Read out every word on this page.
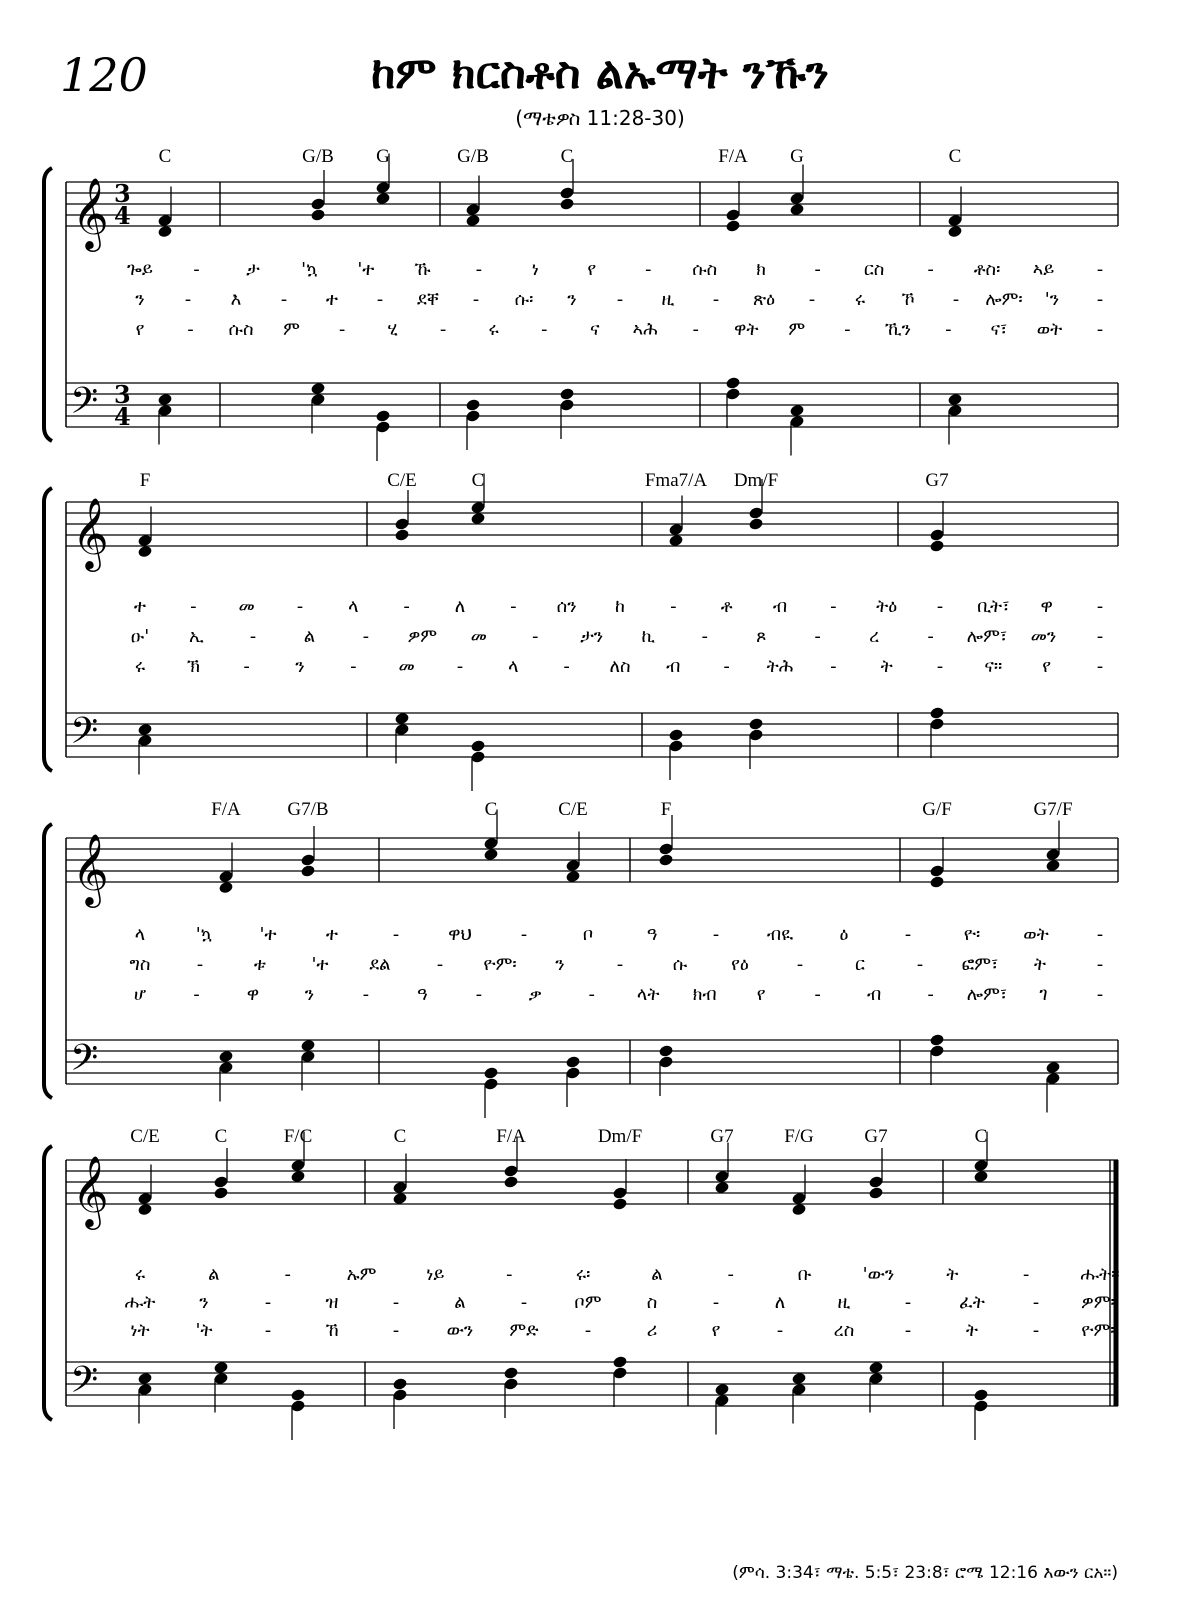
120	ከም ክርስቶስ ልኡማት ንኹን
(ማቴዎስ 11:28-30)
3
4
3
4
C	G/B G	G/B	C	F/A G	C
ጐይ -	ታ 'ኳ 'ተ ኹ	-	ነ	የ	- ሱስ ክ	- ርስ - ቶስ፡ ኣይ -
ን - እ - ተ - ደቐ - ሱ፡ ን - ዚ - ጽዕ - ሩ ኾ - ሎም፡ 'ን -
የ - ሱስ ም - ሂ - ሩ - ና ኣሕ - ዋት ም - ኺን - ና፣ ወት -
𝄞
𝄢
F	C/E	C	Fma7/A Dm/F	G7
ተ - መ - ላ - ለ - ሰን ከ	- ቶ ብ - ትዕ - ቢት፣ ዋ -
ዑ' ኢ	-	ል	- ዎም መ	- ታን ኪ	-	ጾ	-	ረ	- ሎም፣ መን -
ሩ ኽ -	ን	- መ - ላ - ለስ ብ - ትሕ - ት - ና። የ	-
𝄞
𝄢
F/A G7/B	C	C/E	F	G/F	G7/F
ላ	'ኳ	'ተ	ተ	-	ዋህ	-	ቦ	ዓ	-	ብዪ	ዕ	-	ዮ፡ ወት	-
ግስ	-	ቱ	'ተ ደል	- ዮም፡ ን	-	ሱ የዕ	-	ር	- ፎም፣ ት	-
ሆ	-	ዋ	ን	-	ዓ	-	ቃ	- ላት ክብ የ	-	ብ	- ሎም፣ ገ	-
𝄞
𝄢
C/E	C	F/C	C	F/A	Dm/F	G7	F/G	G7	C
ሩ	ል	-	ኡም	ነይ	-	ሩ፡	ል	-	ቡ	'ውን	ት	-	ሑት።
ሑት ን	-	ዝ	-	ል	-	ቦም	ስ	-	ለ	ዚ	-	ፈት	- ዎም።
ነት	'ት	-	ኸ	-	ውን ምድ	-	ሪ	የ	-	ረስ	-	ት	- ዮም።
𝄞
𝄢
(ምሳ. 3:34፣ ማቴ. 5:5፣ 23:8፣ ሮሜ 12:16 እውን ርአ።)
